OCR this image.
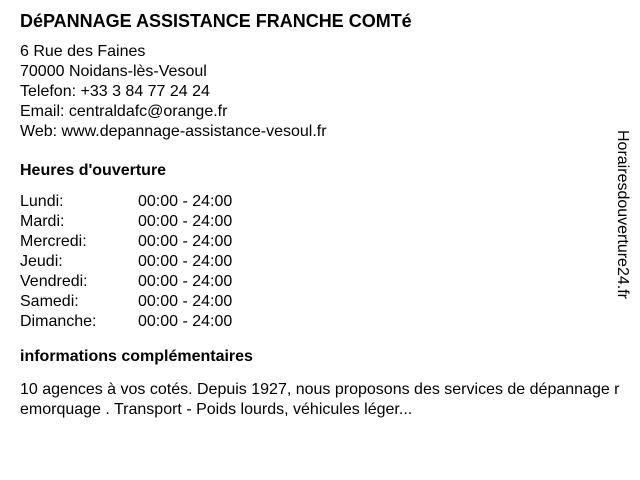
DéPANNAGE ASSISTANCE FRANCHE COMTé
6 Rue des Faines
70000 Noidans-lès-Vesoul
Telefon: +33 3 84 77 24 24
Email: centraldafc@orange.fr
Web: www.depannage-assistance-vesoul.fr
Heures d'ouverture
Lundi:	00:00 - 24:00
Mardi:	00:00 - 24:00
Mercredi:	00:00 - 24:00
Jeudi:	00:00 - 24:00
Vendredi:	00:00 - 24:00
Samedi:	00:00 - 24:00
Dimanche:	00:00 - 24:00
informations complémentaires

10 agences à vos cotés. Depuis 1927, nous proposons des services de dépannage remorquage . Transport - Poids lourds, véhicules léger...

Horairesdouverture24.fr
